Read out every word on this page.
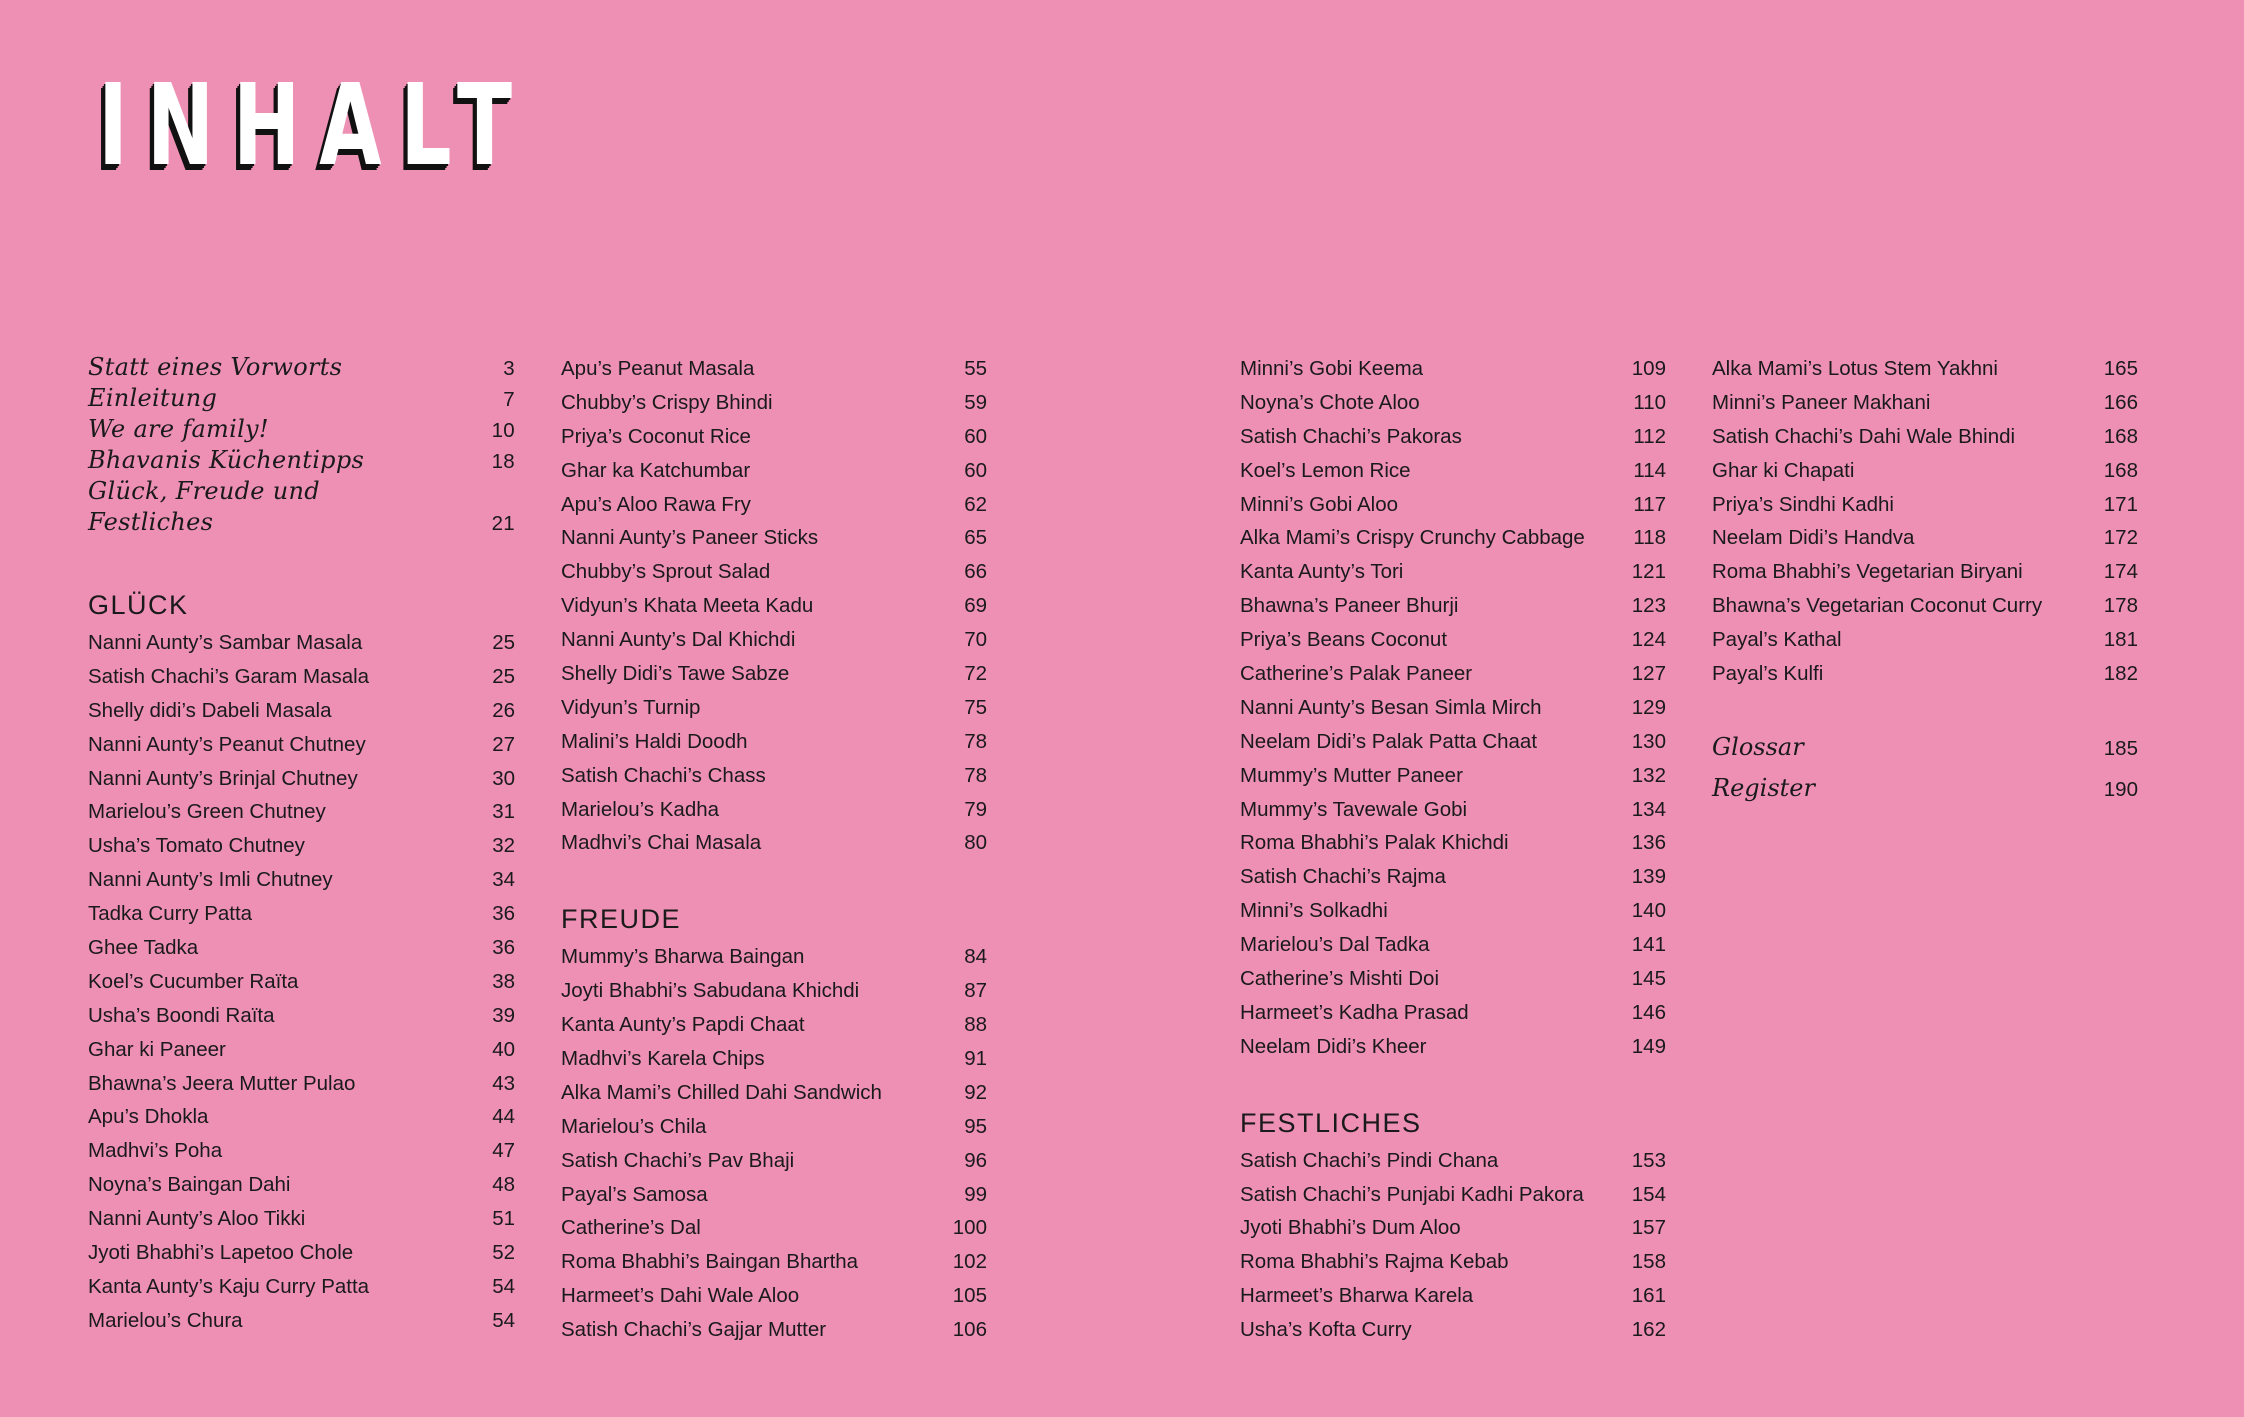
INHALT
Statt eines Vorworts	3
Einleitung	7
We are family!	10
Bhavanis Küchentipps	18
Glück, Freude und
Festliches	21
GLÜCK
Nanni Aunty’s Sambar Masala	25
Satish Chachi’s Garam Masala	25
Shelly didi’s Dabeli Masala	26
Nanni Aunty’s Peanut Chutney	27
Nanni Aunty’s Brinjal Chutney	30
Marielou’s Green Chutney	31
Usha’s Tomato Chutney	32
Nanni Aunty’s Imli Chutney	34
Tadka Curry Patta	36
Ghee Tadka	36
Koel’s Cucumber Raïta	38
Usha’s Boondi Raïta	39
Ghar ki Paneer	40
Bhawna’s Jeera Mutter Pulao	43
Apu’s Dhokla	44
Madhvi’s Poha	47
Noyna’s Baingan Dahi	48
Nanni Aunty’s Aloo Tikki	51
Jyoti Bhabhi’s Lapetoo Chole	52
Kanta Aunty’s Kaju Curry Patta	54
Marielou’s Chura	54
Apu’s Peanut Masala	55
Chubby’s Crispy Bhindi	59
Priya’s Coconut Rice	60
Ghar ka Katchumbar	60
Apu’s Aloo Rawa Fry	62
Nanni Aunty’s Paneer Sticks	65
Chubby’s Sprout Salad	66
Vidyun’s Khata Meeta Kadu	69
Nanni Aunty’s Dal Khichdi	70
Shelly Didi’s Tawe Sabze	72
Vidyun’s Turnip	75
Malini’s Haldi Doodh	78
Satish Chachi’s Chass	78
Marielou’s Kadha	79
Madhvi’s Chai Masala	80
FREUDE
Mummy’s Bharwa Baingan	84
Joyti Bhabhi’s Sabudana Khichdi	87
Kanta Aunty’s Papdi Chaat	88
Madhvi’s Karela Chips	91
Alka Mami’s Chilled Dahi Sandwich	92
Marielou’s Chila	95
Satish Chachi’s Pav Bhaji	96
Payal’s Samosa	99
Catherine’s Dal	100
Roma Bhabhi’s Baingan Bhartha	102
Harmeet’s Dahi Wale Aloo	105
Satish Chachi’s Gajjar Mutter	106
Minni’s Gobi Keema	109
Noyna’s Chote Aloo	110
Satish Chachi’s Pakoras	112
Koel’s Lemon Rice	114
Minni’s Gobi Aloo	117
Alka Mami’s Crispy Crunchy Cabbage	118
Kanta Aunty’s Tori	121
Bhawna’s Paneer Bhurji	123
Priya’s Beans Coconut	124
Catherine’s Palak Paneer	127
Nanni Aunty’s Besan Simla Mirch	129
Neelam Didi’s Palak Patta Chaat	130
Mummy’s Mutter Paneer	132
Mummy’s Tavewale Gobi	134
Roma Bhabhi’s Palak Khichdi	136
Satish Chachi’s Rajma	139
Minni’s Solkadhi	140
Marielou’s Dal Tadka	141
Catherine’s Mishti Doi	145
Harmeet’s Kadha Prasad	146
Neelam Didi’s Kheer	149
FESTLICHES
Satish Chachi’s Pindi Chana	153
Satish Chachi’s Punjabi Kadhi Pakora 154
Jyoti Bhabhi’s Dum Aloo	157
Roma Bhabhi’s Rajma Kebab	158
Harmeet’s Bharwa Karela	161
Usha’s Kofta Curry	162
Alka Mami’s Lotus Stem Yakhni	165
Minni’s Paneer Makhani	166
Satish Chachi’s Dahi Wale Bhindi	168
Ghar ki Chapati	168
Priya’s Sindhi Kadhi	171
Neelam Didi’s Handva	172
Roma Bhabhi’s Vegetarian Biryani	174
Bhawna’s Vegetarian Coconut Curry	178
Payal’s Kathal	181
Payal’s Kulfi	182
Glossar	185
Register	190
